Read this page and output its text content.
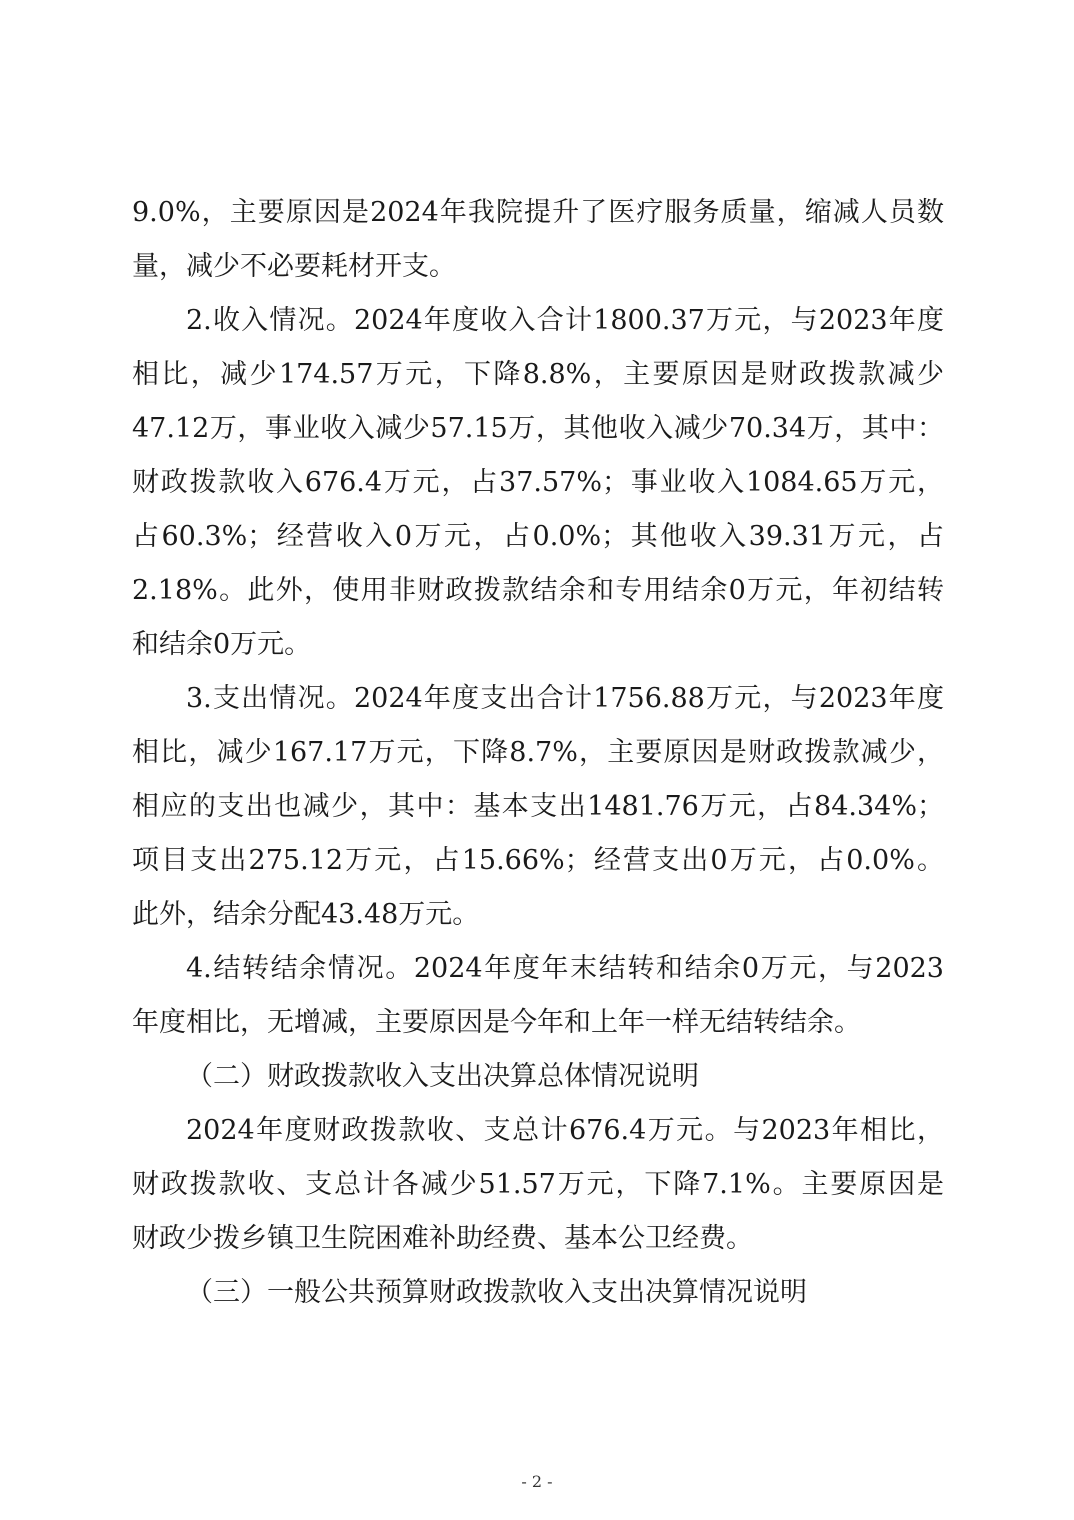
9.0%，主要原因是2024年我院提升了医疗服务质量，缩减人员数
量，减少不必要耗材开支。
2.收入情况。2024年度收入合计1800.37万元，与2023年度
相比，减少174.57万元，下降8.8%，主要原因是财政拨款减少
47.12万，事业收入减少57.15万，其他收入减少70.34万，其中：
财政拨款收入676.4万元，占37.57%；事业收入1084.65万元，
占60.3%；经营收入0万元，占0.0%；其他收入39.31万元，占
2.18%。此外，使用非财政拨款结余和专用结余0万元，年初结转
和结余0万元。
3.支出情况。2024年度支出合计1756.88万元，与2023年度
相比，减少167.17万元，下降8.7%，主要原因是财政拨款减少，
相应的支出也减少，其中：基本支出1481.76万元，占84.34%；
项目支出275.12万元，占15.66%；经营支出0万元，占0.0%。
此外，结余分配43.48万元。
4.结转结余情况。2024年度年末结转和结余0万元，与2023
年度相比，无增减，主要原因是今年和上年一样无结转结余。
（二）财政拨款收入支出决算总体情况说明
2024年度财政拨款收、支总计676.4万元。与2023年相比，
财政拨款收、支总计各减少51.57万元，下降7.1%。主要原因是
财政少拨乡镇卫生院困难补助经费、基本公卫经费。
（三）一般公共预算财政拨款收入支出决算情况说明
- 2 -
